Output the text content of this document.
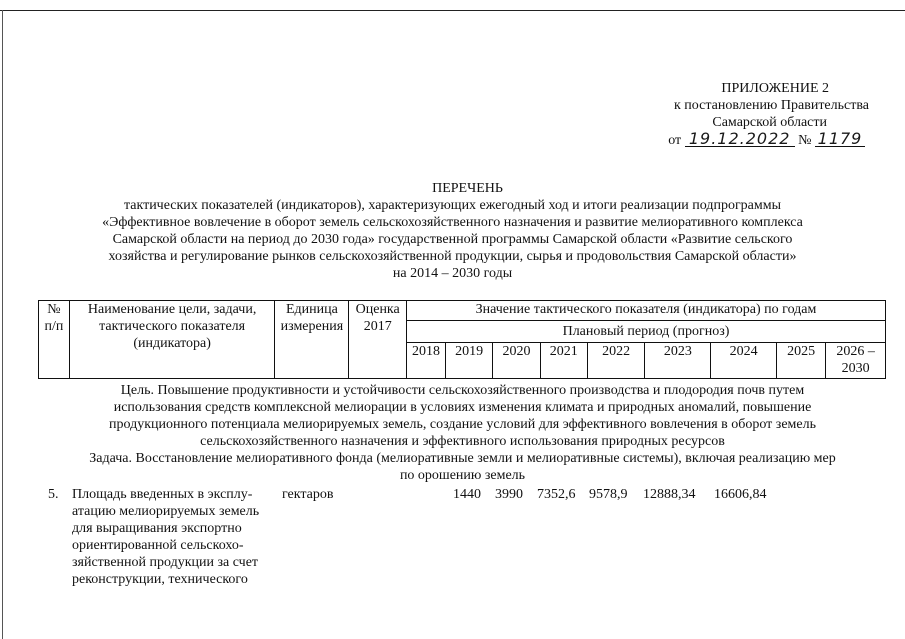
ПРИЛОЖЕНИЕ 2
к постановлению Правительства
Самарской области
от 19.12.2022 № 1179
ПЕРЕЧЕНЬ
тактических показателей (индикаторов), характеризующих ежегодный ход и итоги реализации подпрограммы
«Эффективное вовлечение в оборот земель сельскохозяйственного назначения и развитие мелиоративного комплекса
Самарской области на период до 2030 года» государственной программы Самарской области «Развитие сельского
хозяйства и регулирование рынков сельскохозяйственной продукции, сырья и продовольствия Самарской области»
на 2014 – 2030 годы
№ п/п	Наименование цели, задачи, тактического показателя (индикатора)	Единица измерения	Оценка 2017	Значение тактического показателя (индикатора) по годам								
				Плановый период (прогноз)								
				2018	2019	2020	2021	2022	2023	2024	2025	2026 – 2030
Цель. Повышение продуктивности и устойчивости сельскохозяйственного производства и плодородия почв путем
использования средств комплексной мелиорации в условиях изменения климата и природных аномалий, повышение
продукционного потенциала мелиорируемых земель, создание условий для эффективного вовлечения в оборот земель
сельскохозяйственного назначения и эффективного использования природных ресурсов
Задача. Восстановление мелиоративного фонда (мелиоративные земли и мелиоративные системы), включая реализацию мер
по орошению земель
5. Площадь введенных в эксплу-
атацию мелиорируемых земель
для выращивания экспортно
ориентированной сельскохо-
зяйственной продукции за счет
реконструкции, технического
гектаров	1440 3990 7352,6 9578,9 12888,34 16606,84
